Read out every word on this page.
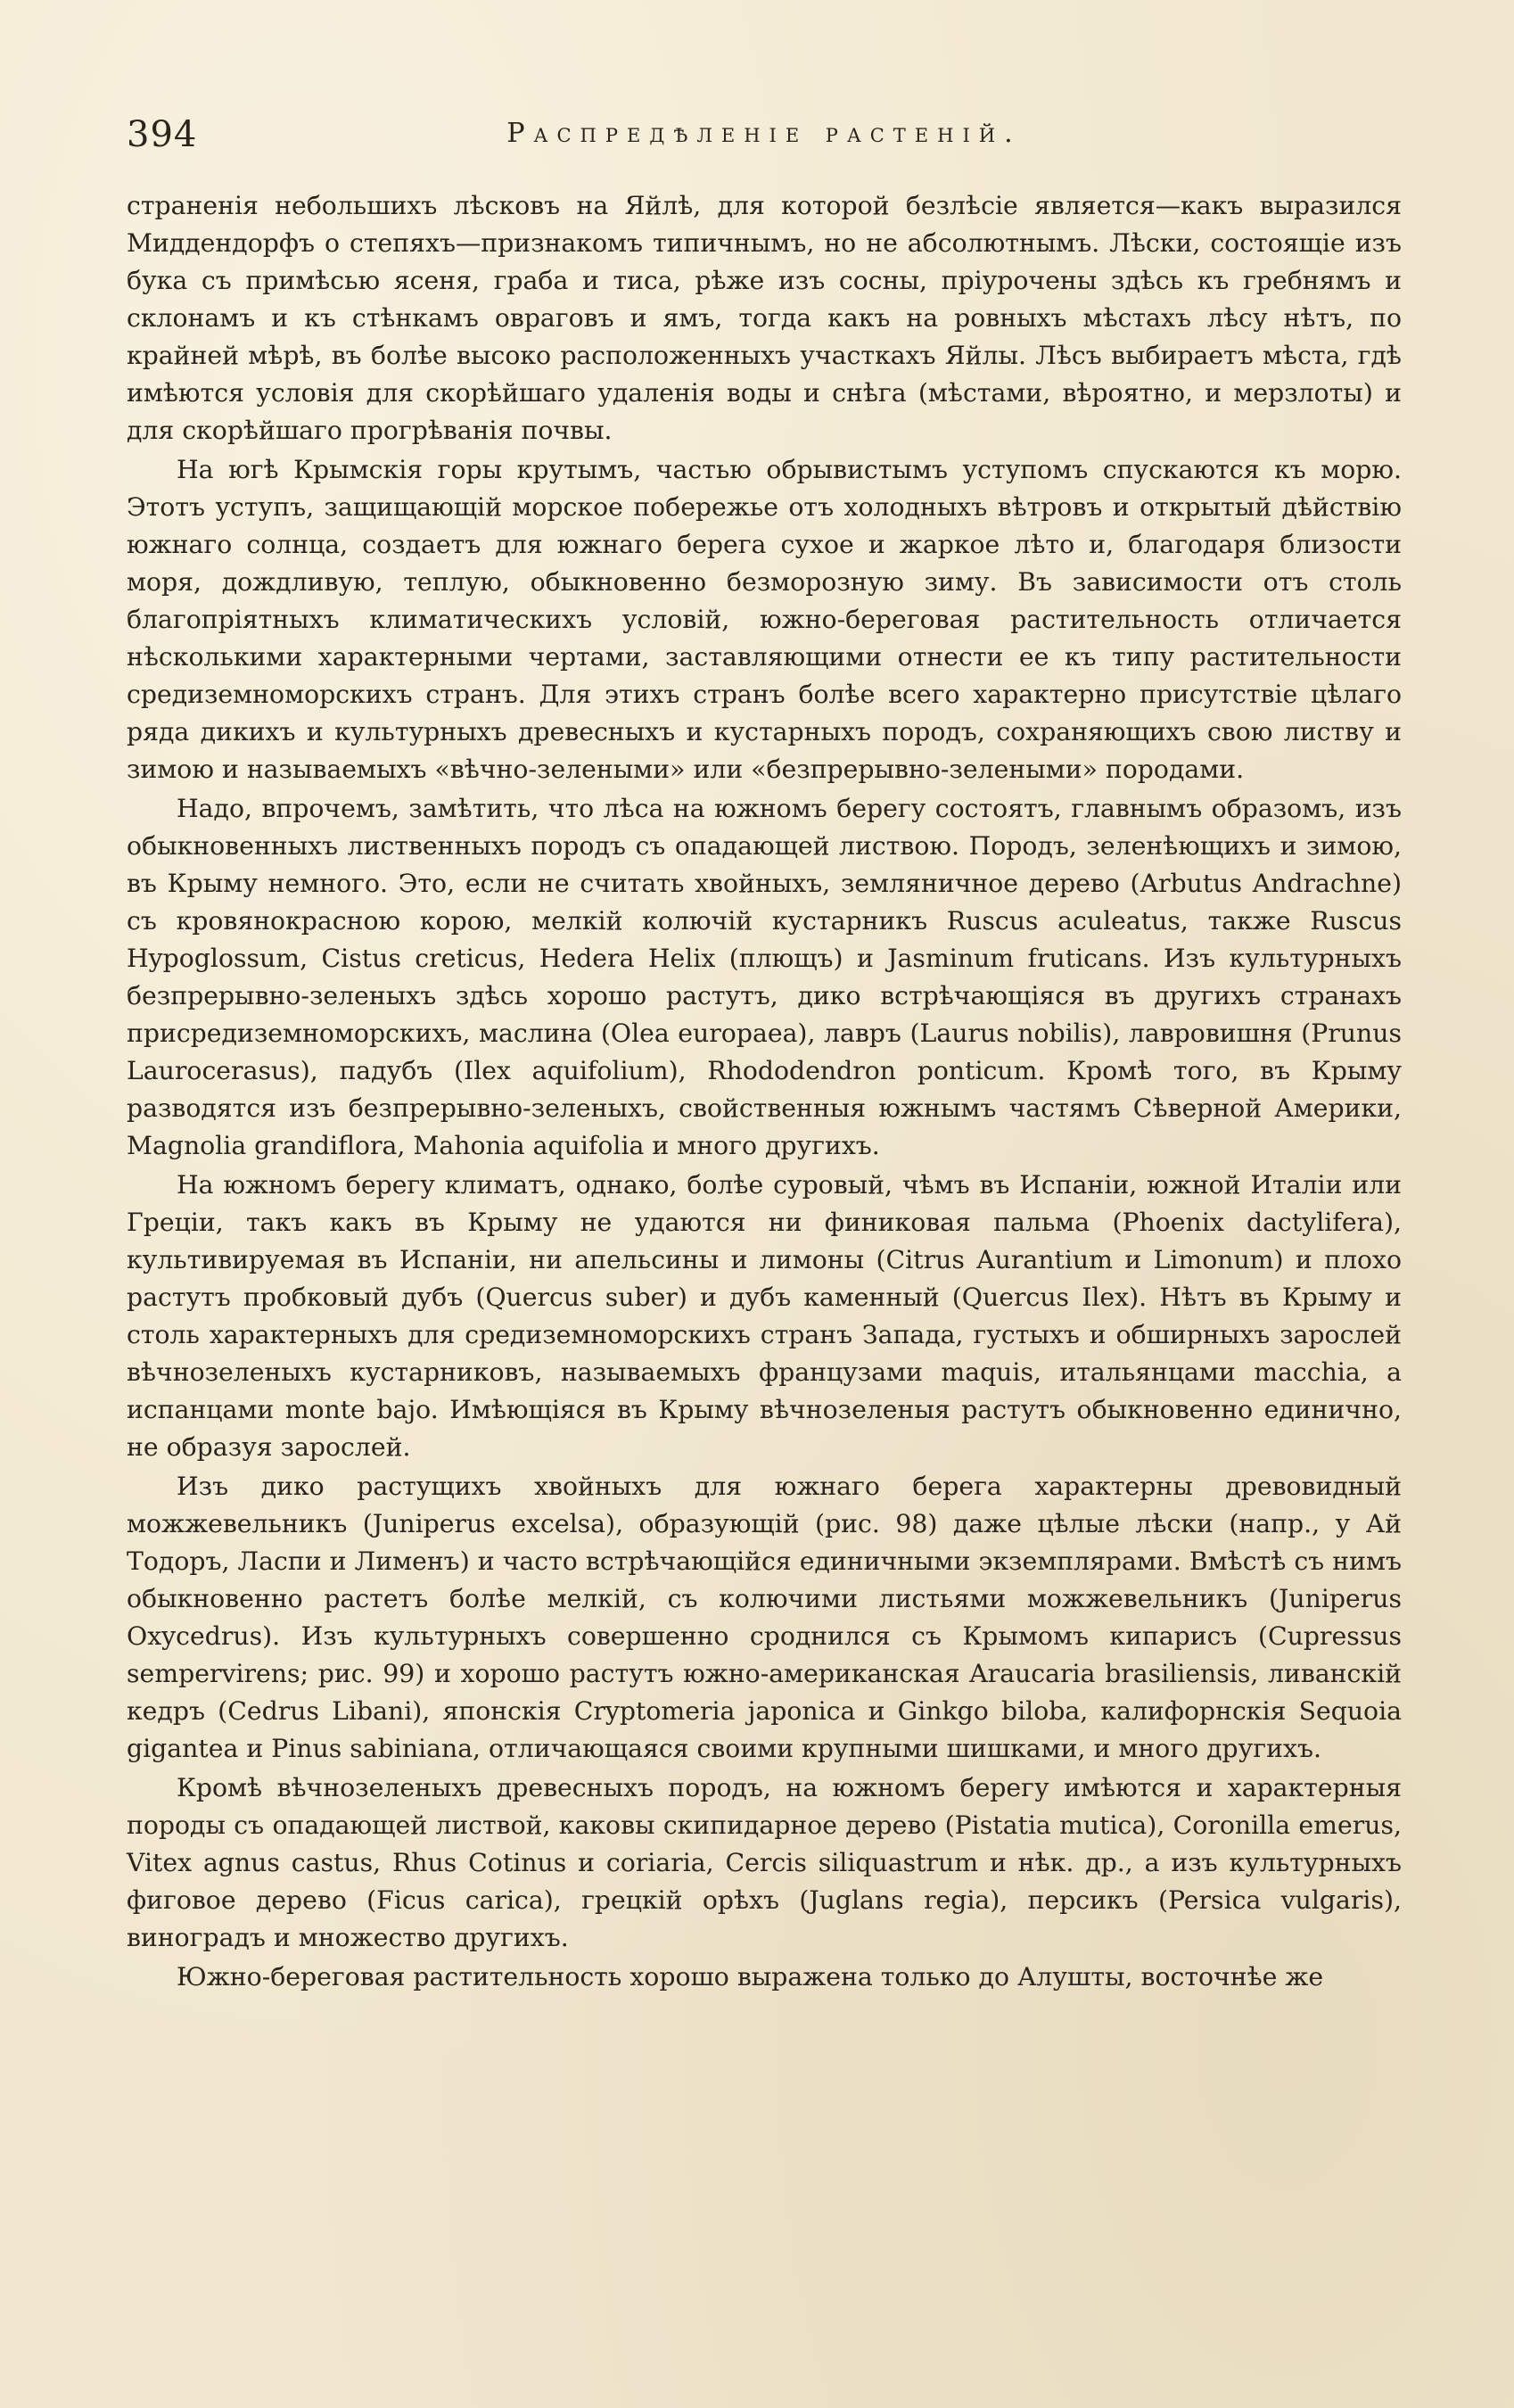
394	Распредѣленіе растеній.

страненія небольшихъ лѣсковъ на Яйлѣ, для которой безлѣсіе является—какъ выразился Миддендорфъ о степяхъ—признакомъ типичнымъ, но не абсолютнымъ. Лѣски, состоящіе изъ бука съ примѣсью ясеня, граба и тиса, рѣже изъ сосны, пріурочены здѣсь къ гребнямъ и склонамъ и къ стѣнкамъ овраговъ и ямъ, тогда какъ на ровныхъ мѣстахъ лѣсу нѣтъ, по крайней мѣрѣ, въ болѣе высоко расположенныхъ участкахъ Яйлы. Лѣсъ выбираетъ мѣста, гдѣ имѣются условія для скорѣйшаго удаленія воды и снѣга (мѣстами, вѣроятно, и мерзлоты) и для скорѣйшаго прогрѣванія почвы.

На югѣ Крымскія горы крутымъ, частью обрывистымъ уступомъ спускаются къ морю. Этотъ уступъ, защищающій морское побережье отъ холодныхъ вѣтровъ и открытый дѣйствію южнаго солнца, создаетъ для южнаго берега сухое и жаркое лѣто и, благодаря близости моря, дождливую, теплую, обыкновенно безморозную зиму. Въ зависимости отъ столь благопріятныхъ климатическихъ условій, южно-береговая растительность отличается нѣсколькими характерными чертами, заставляющими отнести ее къ типу растительности средиземноморскихъ странъ. Для этихъ странъ болѣе всего характерно присутствіе цѣлаго ряда дикихъ и культурныхъ древесныхъ и кустарныхъ породъ, сохраняющихъ свою листву и зимою и называемыхъ «вѣчно-зелеными» или «безпрерывно-зелеными» породами.

Надо, впрочемъ, замѣтить, что лѣса на южномъ берегу состоятъ, главнымъ образомъ, изъ обыкновенныхъ лиственныхъ породъ съ опадающей листвою. Породъ, зеленѣющихъ и зимою, въ Крыму немного. Это, если не считать хвойныхъ, земляничное дерево (Arbutus Andrachne) съ кровянокрасною корою, мелкій колючій кустарникъ Ruscus aculeatus, также Ruscus Hypoglossum, Cistus creticus, Hedera Helix (плющъ) и Jasminum fruticans. Изъ культурныхъ безпрерывно-зеленыхъ здѣсь хорошо растутъ, дико встрѣчающіяся въ другихъ странахъ присредиземноморскихъ, маслина (Olea europaea), лавръ (Laurus nobilis), лавровишня (Prunus Laurocerasus), падубъ (Ilex aquifolium), Rhododendron ponticum. Кромѣ того, въ Крыму разводятся изъ безпрерывно-зеленыхъ, свойственныя южнымъ частямъ Сѣверной Америки, Magnolia grandiflora, Mahonia aquifolia и много другихъ.

На южномъ берегу климатъ, однако, болѣе суровый, чѣмъ въ Испаніи, южной Италіи или Греціи, такъ какъ въ Крыму не удаются ни финиковая пальма (Phoenix dactylifera), культивируемая въ Испаніи, ни апельсины и лимоны (Citrus Aurantium и Limonum) и плохо растутъ пробковый дубъ (Quercus suber) и дубъ каменный (Quercus Ilex). Нѣтъ въ Крыму и столь характерныхъ для средиземноморскихъ странъ Запада, густыхъ и обширныхъ зарослей вѣчнозеленыхъ кустарниковъ, называемыхъ французами maquis, итальянцами macchia, а испанцами monte bajo. Имѣющіяся въ Крыму вѣчнозеленыя растутъ обыкновенно единично, не образуя зарослей.

Изъ дико растущихъ хвойныхъ для южнаго берега характерны древовидный можжевельникъ (Juniperus excelsa), образующій (рис. 98) даже цѣлые лѣски (напр., у Ай Тодоръ, Ласпи и Лименъ) и часто встрѣчающійся единичными экземплярами. Вмѣстѣ съ нимъ обыкновенно растетъ болѣе мелкій, съ колючими листьями можжевельникъ (Juniperus Oxycedrus). Изъ культурныхъ совершенно сроднился съ Крымомъ кипарисъ (Cupressus sempervirens; рис. 99) и хорошо растутъ южно-американская Araucaria brasiliensis, ливанскій кедръ (Cedrus Libani), японскія Cryptomeria japonica и Ginkgo biloba, калифорнскія Sequoia gigantea и Pinus sabiniana, отличающаяся своими крупными шишками, и много другихъ.

Кромѣ вѣчнозеленыхъ древесныхъ породъ, на южномъ берегу имѣются и характерныя породы съ опадающей листвой, каковы скипидарное дерево (Pistatia mutica), Coronilla emerus, Vitex agnus castus, Rhus Cotinus и coriaria, Cercis siliquastrum и нѣк. др., а изъ культурныхъ фиговое дерево (Ficus carica), грецкій орѣхъ (Juglans regia), персикъ (Persica vulgaris), виноградъ и множество другихъ.

Южно-береговая растительность хорошо выражена только до Алушты, восточнѣе же
